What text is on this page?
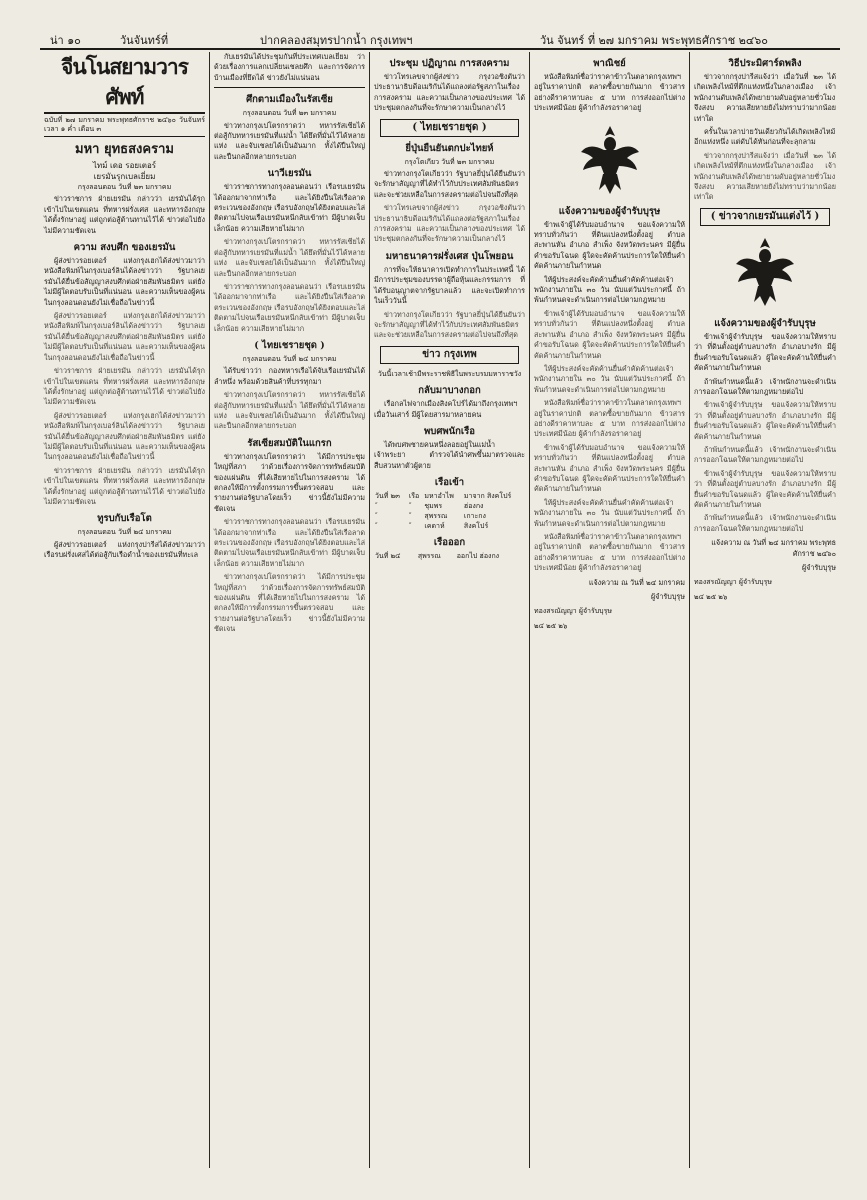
น่า ๑๐	วันจันทร์ที่	ปากคลองสมุทรปากน้ำ กรุงเทพฯ	วัน จันทร์ ที่ ๒๗ มกราคม พระพุทธศักราช ๒๔๖๐
จีนโนสยามวารศัพท์
ฉบับที่ ๒๗ มกราคม พระพุทธศักราช ๒๔๖๐ วันจันทร์ เวลา ๑ ค่ำ เดือน ๓
มหา ยุทธสงคราม
ไทม์ เดอ รอยเตอร์
เยรมันรุกเบลเยี่ยม
กรุงลอนดอน วันที่ ๒๓ มกราคม

ข่าวราชการ ฝ่ายเยรมัน กล่าวว่า เยรมันได้รุกเข้าไปในเขตแดน ที่ทหารฝรั่งเศส และทหารอังกฤษ ได้ตั้งรักษาอยู่ แต่ถูกต่อสู้ต้านทานไว้ได้ ข่าวต่อไปยังไม่มีความชัดเจน

ความ สงบศึก ของเยรมัน

ผู้ส่งข่าวรอยเตอร์ แห่งกรุงเฮกได้ส่งข่าวมาว่า หนังสือพิมพ์ในกรุงเบอร์ลินได้ลงข่าวว่า รัฐบาลเยรมันได้ยื่นข้อสัญญาสงบศึกต่อฝ่ายสัมพันธมิตร แต่ยังไม่มีผู้ใดตอบรับเป็นที่แน่นอน และความเห็นของผู้คนในกรุงลอนดอนยังไม่เชื่อถือในข่าวนี้

ผู้ส่งข่าวรอยเตอร์ แห่งกรุงเฮกได้ส่งข่าวมาว่า หนังสือพิมพ์ในกรุงเบอร์ลินได้ลงข่าวว่า รัฐบาลเยรมันได้ยื่นข้อสัญญาสงบศึกต่อฝ่ายสัมพันธมิตร แต่ยังไม่มีผู้ใดตอบรับเป็นที่แน่นอน และความเห็นของผู้คนในกรุงลอนดอนยังไม่เชื่อถือในข่าวนี้

ข่าวราชการ ฝ่ายเยรมัน กล่าวว่า เยรมันได้รุกเข้าไปในเขตแดน ที่ทหารฝรั่งเศส และทหารอังกฤษ ได้ตั้งรักษาอยู่ แต่ถูกต่อสู้ต้านทานไว้ได้ ข่าวต่อไปยังไม่มีความชัดเจน

ผู้ส่งข่าวรอยเตอร์ แห่งกรุงเฮกได้ส่งข่าวมาว่า หนังสือพิมพ์ในกรุงเบอร์ลินได้ลงข่าวว่า รัฐบาลเยรมันได้ยื่นข้อสัญญาสงบศึกต่อฝ่ายสัมพันธมิตร แต่ยังไม่มีผู้ใดตอบรับเป็นที่แน่นอน และความเห็นของผู้คนในกรุงลอนดอนยังไม่เชื่อถือในข่าวนี้

ข่าวราชการ ฝ่ายเยรมัน กล่าวว่า เยรมันได้รุกเข้าไปในเขตแดน ที่ทหารฝรั่งเศส และทหารอังกฤษ ได้ตั้งรักษาอยู่ แต่ถูกต่อสู้ต้านทานไว้ได้ ข่าวต่อไปยังไม่มีความชัดเจน

ทูรบกับเรือโต
กรุงลอนดอน วันที่ ๒๔ มกราคม

ผู้ส่งข่าวรอยเตอร์ แห่งกรุงปารีสได้ส่งข่าวมาว่า เรือรบฝรั่งเศสได้ต่อสู้กับเรือดำน้ำของเยรมันที่ทะเล

กับเยรมันได้ประชุมกันที่ประเทศเบลเยี่ยม ว่าด้วยเรื่องการแลกเปลี่ยนเชลยศึก และการจัดการบ้านเมืองที่ยึดได้ ข่าวยังไม่แน่นอน

ศึกตามเมืองในรัสเซีย
กรุงลอนดอน วันที่ ๒๓ มกราคม

ข่าวทางกรุงเปโตรกราดว่า ทหารรัสเซียได้ต่อสู้กับทหารเยรมันที่แม่น้ำ ได้ยึดที่มั่นไว้ได้หลายแห่ง และจับเชลยได้เป็นอันมาก ทั้งได้ปืนใหญ่ และปืนกลอีกหลายกระบอก

นาวีเยรมัน

ข่าวราชการทางกรุงลอนดอนว่า เรือรบเยรมันได้ออกมาจากท่าเรือ และได้ยิงปืนใส่เรือลาดตระเวนของอังกฤษ เรือรบอังกฤษได้ยิงตอบและไล่ติดตามไปจนเรือเยรมันหนีกลับเข้าท่า มีผู้บาดเจ็บเล็กน้อย ความเสียหายไม่มาก

ข่าวทางกรุงเปโตรกราดว่า ทหารรัสเซียได้ต่อสู้กับทหารเยรมันที่แม่น้ำ ได้ยึดที่มั่นไว้ได้หลายแห่ง และจับเชลยได้เป็นอันมาก ทั้งได้ปืนใหญ่ และปืนกลอีกหลายกระบอก

ข่าวราชการทางกรุงลอนดอนว่า เรือรบเยรมันได้ออกมาจากท่าเรือ และได้ยิงปืนใส่เรือลาดตระเวนของอังกฤษ เรือรบอังกฤษได้ยิงตอบและไล่ติดตามไปจนเรือเยรมันหนีกลับเข้าท่า มีผู้บาดเจ็บเล็กน้อย ความเสียหายไม่มาก

( ไทยเชรายชุด )
กรุงลอนดอน วันที่ ๒๔ มกราคม

ได้รับข่าวว่า กองทหารเรือได้จับเรือเยรมันได้ลำหนึ่ง พร้อมด้วยสินค้าที่บรรทุกมา

ข่าวทางกรุงเปโตรกราดว่า ทหารรัสเซียได้ต่อสู้กับทหารเยรมันที่แม่น้ำ ได้ยึดที่มั่นไว้ได้หลายแห่ง และจับเชลยได้เป็นอันมาก ทั้งได้ปืนใหญ่ และปืนกลอีกหลายกระบอก

รัสเซียสมบัติในแกรก

ข่าวทางกรุงเปโตรกราดว่า ได้มีการประชุมใหญ่ที่สภา ว่าด้วยเรื่องการจัดการทรัพย์สมบัติของแผ่นดิน ที่ได้เสียหายไปในการสงคราม ได้ตกลงให้มีการตั้งกรรมการขึ้นตรวจสอบ และรายงานต่อรัฐบาลโดยเร็ว ข่าวนี้ยังไม่มีความชัดเจน

ข่าวราชการทางกรุงลอนดอนว่า เรือรบเยรมันได้ออกมาจากท่าเรือ และได้ยิงปืนใส่เรือลาดตระเวนของอังกฤษ เรือรบอังกฤษได้ยิงตอบและไล่ติดตามไปจนเรือเยรมันหนีกลับเข้าท่า มีผู้บาดเจ็บเล็กน้อย ความเสียหายไม่มาก

ข่าวทางกรุงเปโตรกราดว่า ได้มีการประชุมใหญ่ที่สภา ว่าด้วยเรื่องการจัดการทรัพย์สมบัติของแผ่นดิน ที่ได้เสียหายไปในการสงคราม ได้ตกลงให้มีการตั้งกรรมการขึ้นตรวจสอบ และรายงานต่อรัฐบาลโดยเร็ว ข่าวนี้ยังไม่มีความชัดเจน

ประชุม ปฏิญาณ การสงคราม

ข่าวโทรเลขจากผู้ส่งข่าว กรุงวอชิงตันว่า ประธานาธิบดีอเมริกันได้แถลงต่อรัฐสภาในเรื่องการสงคราม และความเป็นกลางของประเทศ ได้ประชุมตกลงกันที่จะรักษาความเป็นกลางไว้

( ไทยเชรายชุด )
ยี่ปุ่นยืนยันตกปะไทยห์
กรุงโตเกียว วันที่ ๒๓ มกราคม

ข่าวทางกรุงโตเกียวว่า รัฐบาลยี่ปุ่นได้ยืนยันว่า จะรักษาสัญญาที่ได้ทำไว้กับประเทศสัมพันธมิตร และจะช่วยเหลือในการสงครามต่อไปจนถึงที่สุด

ข่าวโทรเลขจากผู้ส่งข่าว กรุงวอชิงตันว่า ประธานาธิบดีอเมริกันได้แถลงต่อรัฐสภาในเรื่องการสงคราม และความเป็นกลางของประเทศ ได้ประชุมตกลงกันที่จะรักษาความเป็นกลางไว้

มหาธนาคารฝรั่งเศส ปุ่นโพยอน

การที่จะให้ธนาคารเปิดทำการในประเทศนี้ ได้มีการประชุมของบรรดาผู้ถือหุ้นและกรรมการ ที่ได้รับอนุญาตจากรัฐบาลแล้ว และจะเปิดทำการในเร็ววันนี้

ข่าวทางกรุงโตเกียวว่า รัฐบาลยี่ปุ่นได้ยืนยันว่า จะรักษาสัญญาที่ได้ทำไว้กับประเทศสัมพันธมิตร และจะช่วยเหลือในการสงครามต่อไปจนถึงที่สุด

ข่าว กรุงเทพ
วันนี้เวลาเช้ามีพระราชพิธีในพระบรมมหาราชวัง
กลับมาบางกอก

เรือกลไฟจากเมืองสิงคโปร์ได้มาถึงกรุงเทพฯ เมื่อวันเสาร์ มีผู้โดยสารมาหลายคน

พบศพนักเรือ

ได้พบศพชายคนหนึ่งลอยอยู่ในแม่น้ำเจ้าพระยา ตำรวจได้นำศพขึ้นมาตรวจและสืบสวนหาตัวผู้ตาย

เรือเข้า
วันที่ ๒๓	เรือ	มหาอำไพ	มาจาก สิงคโปร์
″	″	ชุมพร	ฮ่องกง
″	″	สุพรรณ	เกาะกง
″	″	เคดาห์	สิงคโปร์
เรือออก
วันที่ ๒๔	สุพรรณ	ออกไป ฮ่องกง
พาณิชย์

หนังสือพิมพ์ชื่อว่าราคาข้าวในตลาดกรุงเทพฯ อยู่ในราคาปกติ ตลาดซื้อขายกันมาก ข้าวสารอย่างดีราคาหาบละ ๕ บาท การส่งออกไปต่างประเทศมีน้อย ผู้ค้ากำลังรอราคาอยู่

แจ้งความของผู้จำรับบุรุษ

ข้าพเจ้าผู้ได้รับมอบอำนาจ ขอแจ้งความให้ทราบทั่วกันว่า ที่ดินแปลงหนึ่งตั้งอยู่ ตำบล สะพานหัน อำเภอ สำเพ็ง จังหวัดพระนคร มีผู้ยื่นคำขอรับโฉนด ผู้ใดจะคัดค้านประการใดให้ยื่นคำคัดค้านภายในกำหนด

ให้ผู้ประสงค์จะคัดค้านยื่นคำคัดค้านต่อเจ้าพนักงานภายใน ๓๐ วัน นับแต่วันประกาศนี้ ถ้าพ้นกำหนดจะดำเนินการต่อไปตามกฎหมาย

ข้าพเจ้าผู้ได้รับมอบอำนาจ ขอแจ้งความให้ทราบทั่วกันว่า ที่ดินแปลงหนึ่งตั้งอยู่ ตำบล สะพานหัน อำเภอ สำเพ็ง จังหวัดพระนคร มีผู้ยื่นคำขอรับโฉนด ผู้ใดจะคัดค้านประการใดให้ยื่นคำคัดค้านภายในกำหนด

ให้ผู้ประสงค์จะคัดค้านยื่นคำคัดค้านต่อเจ้าพนักงานภายใน ๓๐ วัน นับแต่วันประกาศนี้ ถ้าพ้นกำหนดจะดำเนินการต่อไปตามกฎหมาย

หนังสือพิมพ์ชื่อว่าราคาข้าวในตลาดกรุงเทพฯ อยู่ในราคาปกติ ตลาดซื้อขายกันมาก ข้าวสารอย่างดีราคาหาบละ ๕ บาท การส่งออกไปต่างประเทศมีน้อย ผู้ค้ากำลังรอราคาอยู่

ข้าพเจ้าผู้ได้รับมอบอำนาจ ขอแจ้งความให้ทราบทั่วกันว่า ที่ดินแปลงหนึ่งตั้งอยู่ ตำบล สะพานหัน อำเภอ สำเพ็ง จังหวัดพระนคร มีผู้ยื่นคำขอรับโฉนด ผู้ใดจะคัดค้านประการใดให้ยื่นคำคัดค้านภายในกำหนด

ให้ผู้ประสงค์จะคัดค้านยื่นคำคัดค้านต่อเจ้าพนักงานภายใน ๓๐ วัน นับแต่วันประกาศนี้ ถ้าพ้นกำหนดจะดำเนินการต่อไปตามกฎหมาย

หนังสือพิมพ์ชื่อว่าราคาข้าวในตลาดกรุงเทพฯ อยู่ในราคาปกติ ตลาดซื้อขายกันมาก ข้าวสารอย่างดีราคาหาบละ ๕ บาท การส่งออกไปต่างประเทศมีน้อย ผู้ค้ากำลังรอราคาอยู่

แจ้งความ ณ วันที่ ๒๔ มกราคม
ผู้จำรับบุรุษ
ทองสรณัญญา ผู้จำรับบุรุษ
๒๔ ๒๕ ๒๖
วิธีประมิศาร์ดพลิง

ข่าวจากกรุงปารีสแจ้งว่า เมื่อวันที่ ๒๓ ได้เกิดเพลิงไหม้ที่ตึกแห่งหนึ่งในกลางเมือง เจ้าพนักงานดับเพลิงได้พยายามดับอยู่หลายชั่วโมงจึงสงบ ความเสียหายยังไม่ทราบว่ามากน้อยเท่าใด

ครั้นในเวลาบ่ายวันเดียวกันได้เกิดเพลิงไหม้อีกแห่งหนึ่ง แต่ดับได้ทันก่อนที่จะลุกลาม

ข่าวจากกรุงปารีสแจ้งว่า เมื่อวันที่ ๒๓ ได้เกิดเพลิงไหม้ที่ตึกแห่งหนึ่งในกลางเมือง เจ้าพนักงานดับเพลิงได้พยายามดับอยู่หลายชั่วโมงจึงสงบ ความเสียหายยังไม่ทราบว่ามากน้อยเท่าใด

( ข่าวจากเยรมันแต่งไว้ )
แจ้งความของผู้จำรับบุรุษ

ข้าพเจ้าผู้จำรับบุรุษ ขอแจ้งความให้ทราบว่า ที่ดินตั้งอยู่ตำบลบางรัก อำเภอบางรัก มีผู้ยื่นคำขอรับโฉนดแล้ว ผู้ใดจะคัดค้านให้ยื่นคำคัดค้านภายในกำหนด

ถ้าพ้นกำหนดนี้แล้ว เจ้าพนักงานจะดำเนินการออกโฉนดให้ตามกฎหมายต่อไป

ข้าพเจ้าผู้จำรับบุรุษ ขอแจ้งความให้ทราบว่า ที่ดินตั้งอยู่ตำบลบางรัก อำเภอบางรัก มีผู้ยื่นคำขอรับโฉนดแล้ว ผู้ใดจะคัดค้านให้ยื่นคำคัดค้านภายในกำหนด

ถ้าพ้นกำหนดนี้แล้ว เจ้าพนักงานจะดำเนินการออกโฉนดให้ตามกฎหมายต่อไป

ข้าพเจ้าผู้จำรับบุรุษ ขอแจ้งความให้ทราบว่า ที่ดินตั้งอยู่ตำบลบางรัก อำเภอบางรัก มีผู้ยื่นคำขอรับโฉนดแล้ว ผู้ใดจะคัดค้านให้ยื่นคำคัดค้านภายในกำหนด

ถ้าพ้นกำหนดนี้แล้ว เจ้าพนักงานจะดำเนินการออกโฉนดให้ตามกฎหมายต่อไป

แจ้งความ ณ วันที่ ๒๔ มกราคม พระพุทธศักราช ๒๔๖๐
ผู้จำรับบุรุษ
ทองสรณัญญา ผู้จำรับบุรุษ
๒๔ ๒๕ ๒๖
